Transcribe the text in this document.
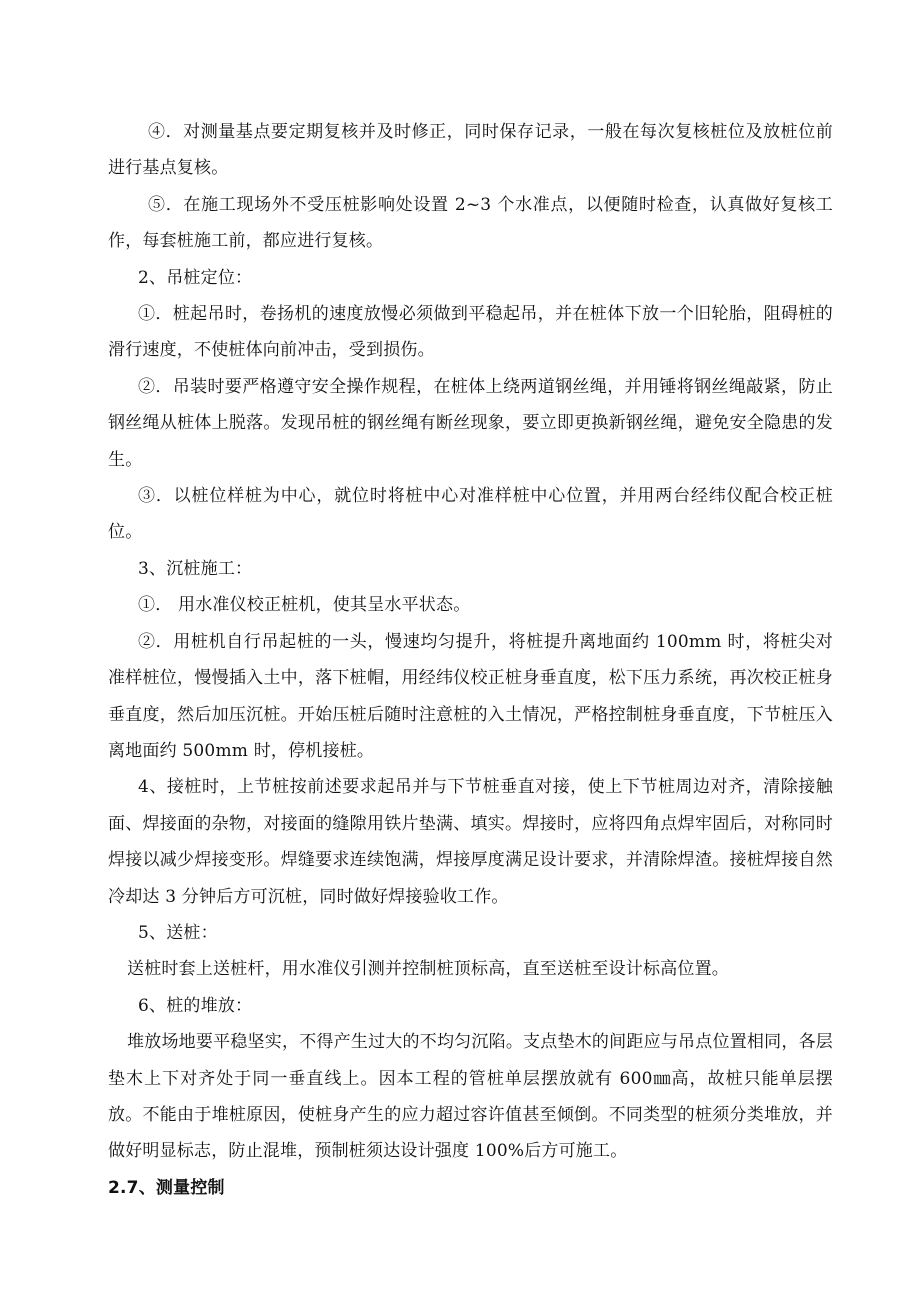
④．对测量基点要定期复核并及时修正，同时保存记录，一般在每次复核桩位及放桩位前进行基点复核。

⑤．在施工现场外不受压桩影响处设置 2~3 个水准点，以便随时检查，认真做好复核工作，每套桩施工前，都应进行复核。

2、吊桩定位：

①．桩起吊时，卷扬机的速度放慢必须做到平稳起吊，并在桩体下放一个旧轮胎，阻碍桩的滑行速度，不使桩体向前冲击，受到损伤。

②．吊装时要严格遵守安全操作规程，在桩体上绕两道钢丝绳，并用锤将钢丝绳敲紧，防止钢丝绳从桩体上脱落。发现吊桩的钢丝绳有断丝现象，要立即更换新钢丝绳，避免安全隐患的发生。

③．以桩位样桩为中心，就位时将桩中心对准样桩中心位置，并用两台经纬仪配合校正桩位。

3、沉桩施工：

①． 用水准仪校正桩机，使其呈水平状态。

②．用桩机自行吊起桩的一头，慢速均匀提升，将桩提升离地面约 100mm 时，将桩尖对准样桩位，慢慢插入土中，落下桩帽，用经纬仪校正桩身垂直度，松下压力系统，再次校正桩身垂直度，然后加压沉桩。开始压桩后随时注意桩的入土情况，严格控制桩身垂直度，下节桩压入离地面约 500mm 时，停机接桩。

4、接桩时，上节桩按前述要求起吊并与下节桩垂直对接，使上下节桩周边对齐，清除接触面、焊接面的杂物，对接面的缝隙用铁片垫满、填实。焊接时，应将四角点焊牢固后，对称同时焊接以减少焊接变形。焊缝要求连续饱满，焊接厚度满足设计要求，并清除焊渣。接桩焊接自然冷却达 3 分钟后方可沉桩，同时做好焊接验收工作。

5、送桩：

送桩时套上送桩杆，用水准仪引测并控制桩顶标高，直至送桩至设计标高位置。

6、桩的堆放：

堆放场地要平稳坚实，不得产生过大的不均匀沉陷。支点垫木的间距应与吊点位置相同，各层垫木上下对齐处于同一垂直线上。因本工程的管桩单层摆放就有 600㎜高，故桩只能单层摆放。不能由于堆桩原因，使桩身产生的应力超过容许值甚至倾倒。不同类型的桩须分类堆放，并做好明显标志，防止混堆，预制桩须达设计强度 100%后方可施工。

2.7、测量控制
